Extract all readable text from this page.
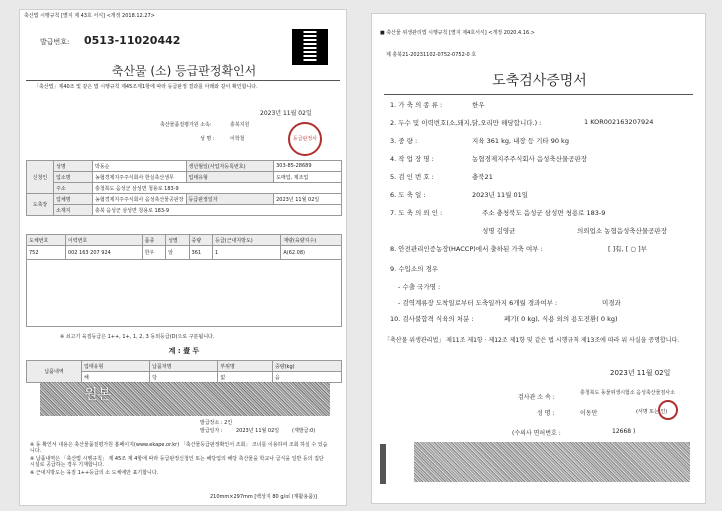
축산법 시행규칙 [별지 제 43호 서식] <개정 2018.12.27>
발급번호: 0513-11020442
축산물 (소) 등급판정확인서
「축산법」제40조 및 같은 법 시행규칙 제45조제1항에 따라 등급판정 결과를 아래와 같이 확인합니다.
2023년 11월 02일
축산물품질평가원 소속:	충북지원
성 명 :	이학철	등급판정사
신청인	성명	박동순	생년월일(사업자등록번호)	303-85-28689
	업소명	농협경제지주주식회사 한실축산생무	업태유형	도매업, 제조업
	주소	충청북도 음성군 삼성면 청용로 183-9		
도축장	업체명	농협경제지주주식회사 음성축산물공판장	등급판정일자	2023년 11월 02일
	소재지	충북 음성군 삼성면 청용로 183-9		
도체번호	이력번호	품종	성별	중량	등급(근내지방도)	재량(육량지수)
752	002 163 207 924	한우	암	361	1	A(62.08)

※ 쇠고기 육질등급은 1++, 1+, 1, 2, 3 등외등급(D)으로 구분됩니다.
계 : 壹 두
납품내역	업태유형	납품처명	부위명	중량(kg)
	해	당	없	음
원본
발급장소 : 2인
발급일자 :	2023년 11월 02일	(재발급:0)
※ 동 확인서 내용은 축산물품질평가원 홈페이지(www.ekape.or.kr) 「축산물등급판정확인서 조회」 코너를 이용하여 조회 하실 수 있습니다.
※ 납품내역은 「축산법 시행규칙」 제 45조 제 4항에 따라 등급판정신청인 또는 해당업의 해당 축산물을 학교나 급식을 일반 등의 집단 시설로 공급하는 경우 기재합니다.
※ 근내지방도는 육질 1++등급의 소 도체에만 표기합니다.
210mm×297mm [백상지 80 g/㎡ (재활용품)]
■ 축산물 위생관리법 시행규칙 [별지 제4호서식] <개정 2020.4.16.>
제 충북21-20231102-0752-0752-0 호
도축검사증명서
1. 가 축 의 종 류 :	한우
2. 두수 및 이력번호(소,돼지,닭,오리만 해당합니다.) :	1 KOR002163207924
3. 중 량 :	지육 361 kg, 내장 등 기타 90 kg
4. 작 업 장 명 :	농협경제지주주식회사 음성축산물공판장
5. 검 인 번 호 :	충북21
6. 도 축 일 :	2023년 11월 01일
7. 도 축 의 뢰 인 :	주소 충청북도 음성군 삼성면 청용로 183-9
성명 김영균	의뢰업소 농협음성축산물공판장
8. 안전관리인증농장(HACCP)에서 출하된 가축 여부 :	[ ]有, [ ○ ]부
9. 수입소의 경우
- 수출 국가명 :
- 검역계류장 도착일로부터 도축일까지 6개월 경과여부 :	미경과
10. 검사불합격 식육의 처분 :	폐기( 0 kg), 식용 외의 용도전환( 0 kg)
「축산물 위생관리법」 제11조 제1항 · 제12조 제1항 및 같은 법 시행규칙 제13조에 따라 위 사실을 증명합니다.
2023년 11월 02일
검사관 소 속 :
충청북도 동물위생시험소 음성축산물검사소
성 명 :	이동만	(서명 또는 인)
(수의사 면허번호 :	12668 )
